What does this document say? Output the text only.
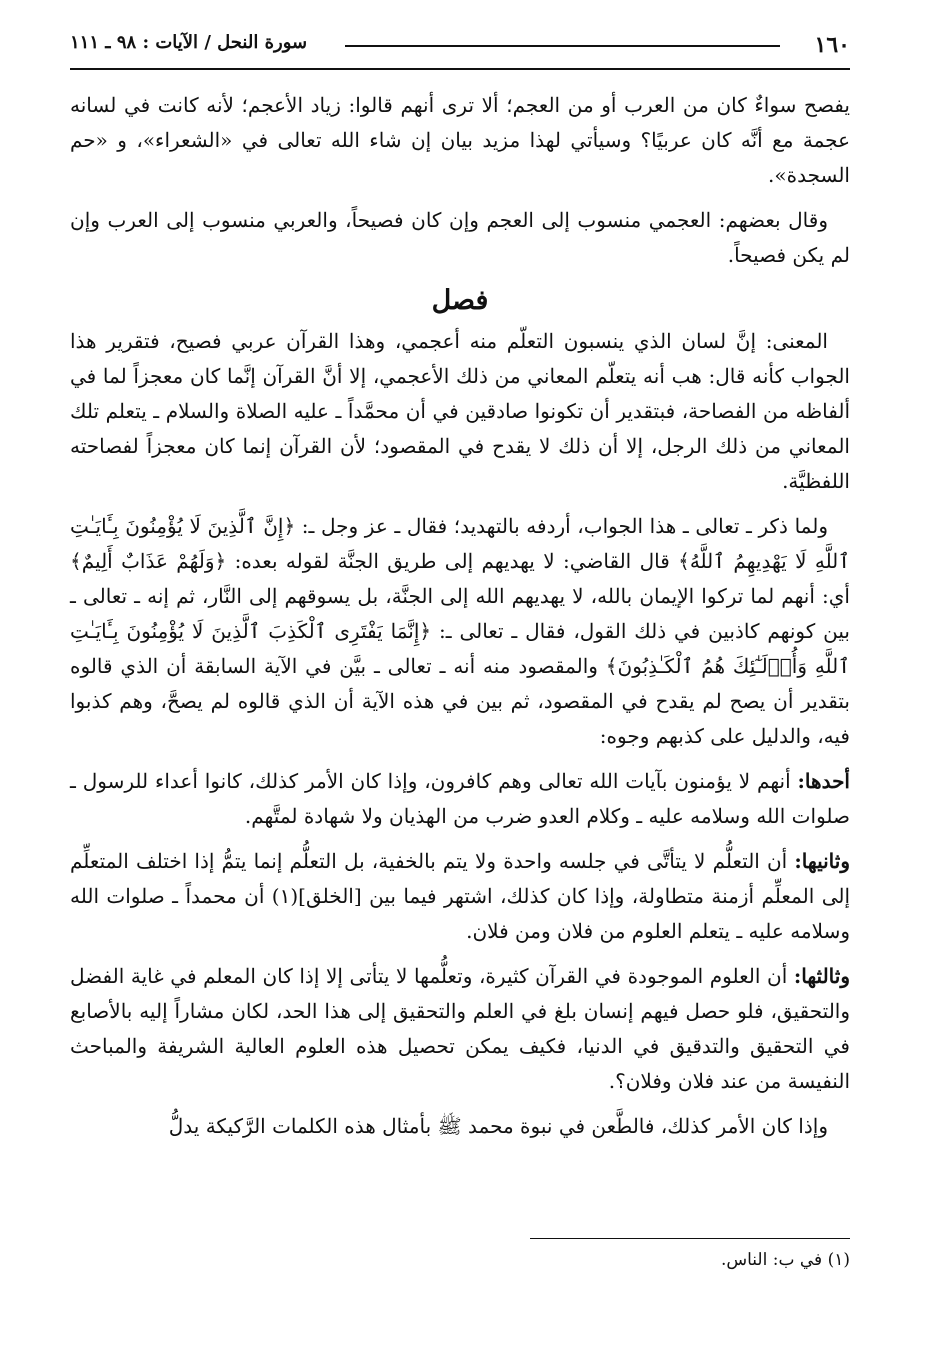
١٦٠
سورة النحل / الآيات : ٩٨ ـ ١١١

يفصح سواءٌ كان من العرب أو من العجم؛ ألا ترى أنهم قالوا: زياد الأعجم؛ لأنه كانت في لسانه عجمة مع أنَّه كان عربيًا؟ وسيأتي لهذا مزيد بيان إن شاء الله تعالى في «الشعراء»، و «حم السجدة».

وقال بعضهم: العجمي منسوب إلى العجم وإن كان فصيحاً، والعربي منسوب إلى العرب وإن لم يكن فصيحاً.

فصل

المعنى: إنَّ لسان الذي ينسبون التعلّم منه أعجمي، وهذا القرآن عربي فصيح، فتقرير هذا الجواب كأنه قال: هب أنه يتعلّم المعاني من ذلك الأعجمي، إلا أنَّ القرآن إنَّما كان معجزاً لما في ألفاظه من الفصاحة، فبتقدير أن تكونوا صادقين في أن محمَّداً ـ عليه الصلاة والسلام ـ يتعلم تلك المعاني من ذلك الرجل، إلا أن ذلك لا يقدح في المقصود؛ لأن القرآن إنما كان معجزاً لفصاحته اللفظيَّة.

ولما ذكر ـ تعالى ـ هذا الجواب، أردفه بالتهديد؛ فقال ـ عز وجل ـ: ﴿إِنَّ ٱلَّذِينَ لَا يُؤْمِنُونَ بِـَٔايَـٰتِ ٱللَّهِ لَا يَهْدِيهِمُ ٱللَّهُ﴾ قال القاضي: لا يهديهم إلى طريق الجنَّة لقوله بعده: ﴿وَلَهُمْ عَذَابٌ أَلِيمٌ﴾ أي: أنهم لما تركوا الإيمان بالله، لا يهديهم الله إلى الجنَّة، بل يسوقهم إلى النَّار، ثم إنه ـ تعالى ـ بين كونهم كاذبين في ذلك القول، فقال ـ تعالى ـ: ﴿إِنَّمَا يَفْتَرِى ٱلْكَذِبَ ٱلَّذِينَ لَا يُؤْمِنُونَ بِـَٔايَـٰتِ ٱللَّهِ وَأُو۟لَـٰٓئِكَ هُمُ ٱلْكَـٰذِبُونَ﴾ والمقصود منه أنه ـ تعالى ـ بيَّن في الآية السابقة أن الذي قالوه بتقدير أن يصح لم يقدح في المقصود، ثم بين في هذه الآية أن الذي قالوه لم يصحَّ، وهم كذبوا فيه، والدليل على كذبهم وجوه:

أحدها: أنهم لا يؤمنون بآيات الله تعالى وهم كافرون، وإذا كان الأمر كذلك، كانوا أعداء للرسول ـ صلوات الله وسلامه عليه ـ وكلام العدو ضرب من الهذيان ولا شهادة لمتَّهم.

وثانيها: أن التعلُّم لا يتأتَّى في جلسه واحدة ولا يتم بالخفية، بل التعلُّم إنما يتمُّ إذا اختلف المتعلِّم إلى المعلِّم أزمنة متطاولة، وإذا كان كذلك، اشتهر فيما بين [الخلق](١) أن محمداً ـ صلوات الله وسلامه عليه ـ يتعلم العلوم من فلان ومن فلان.

وثالثها: أن العلوم الموجودة في القرآن كثيرة، وتعلُّمها لا يتأتى إلا إذا كان المعلم في غاية الفضل والتحقيق، فلو حصل فيهم إنسان بلغ في العلم والتحقيق إلى هذا الحد، لكان مشاراً إليه بالأصابع في التحقيق والتدقيق في الدنيا، فكيف يمكن تحصيل هذه العلوم العالية الشريفة والمباحث النفيسة من عند فلان وفلان؟.

وإذا كان الأمر كذلك، فالطَّعن في نبوة محمد ﷺ بأمثال هذه الكلمات الرَّكيكة يدلُّ

(١) في ب: الناس.
